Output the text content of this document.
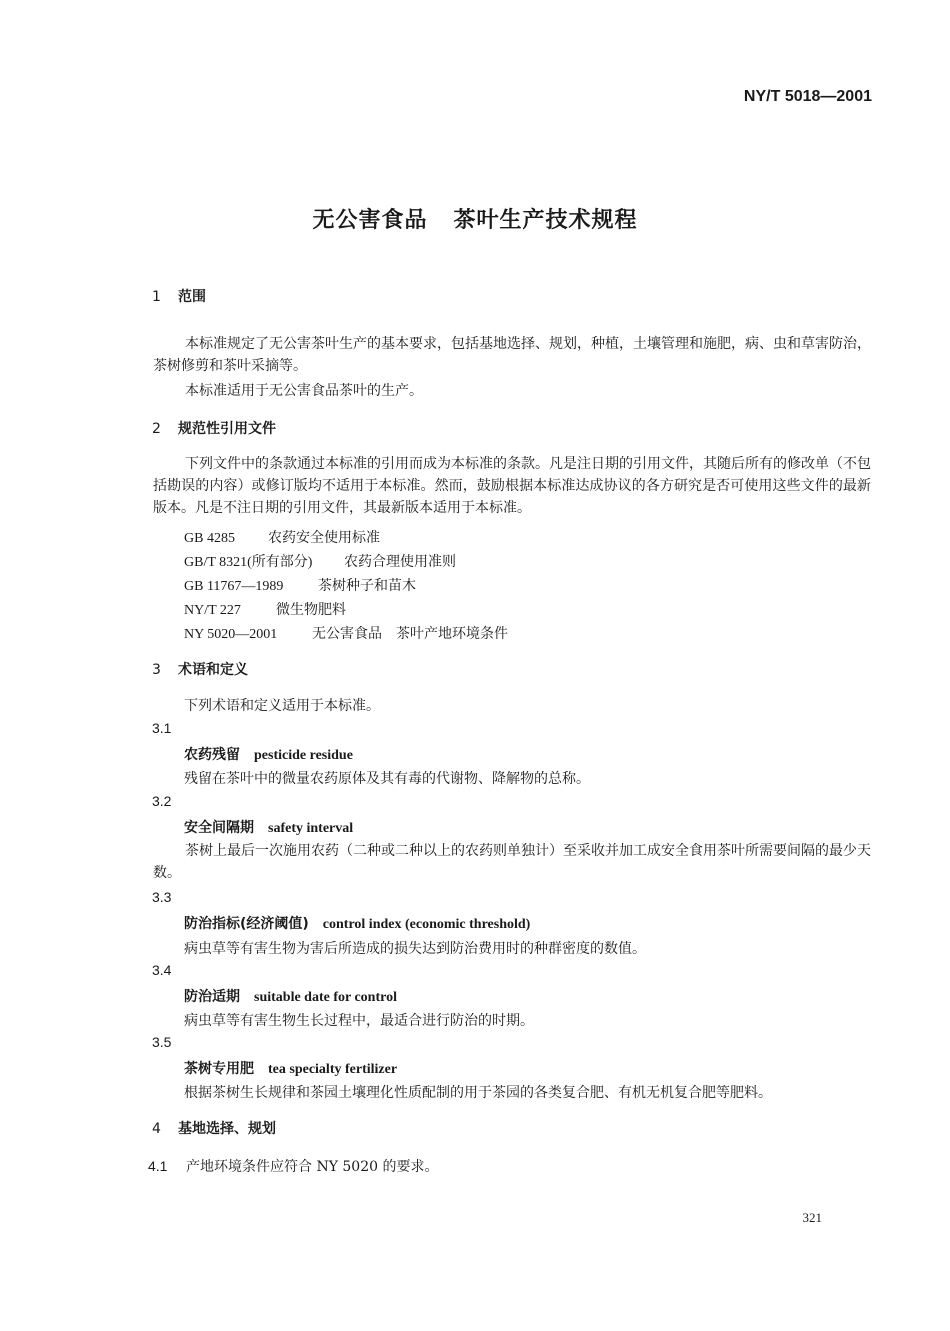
NY/T 5018—2001
无公害食品 茶叶生产技术规程
1 范围
本标准规定了无公害茶叶生产的基本要求，包括基地选择、规划，种植，土壤管理和施肥，病、虫和草害防治，茶树修剪和茶叶采摘等。
本标准适用于无公害食品茶叶的生产。
2 规范性引用文件
下列文件中的条款通过本标准的引用而成为本标准的条款。凡是注日期的引用文件，其随后所有的修改单（不包括勘误的内容）或修订版均不适用于本标准。然而，鼓励根据本标准达成协议的各方研究是否可使用这些文件的最新版本。凡是不注日期的引用文件，其最新版本适用于本标准。
GB 4285 农药安全使用标准
GB/T 8321(所有部分) 农药合理使用准则
GB 11767—1989 茶树种子和苗木
NY/T 227	微生物肥料
NY 5020—2001 无公害食品　茶叶产地环境条件
3 术语和定义
下列术语和定义适用于本标准。
3.1
农药残留 pesticide residue
残留在茶叶中的微量农药原体及其有毒的代谢物、降解物的总称。
3.2
安全间隔期 safety interval
茶树上最后一次施用农药（二种或二种以上的农药则单独计）至采收并加工成安全食用茶叶所需要间隔的最少天数。
3.3
防治指标(经济阈值) control index (economic threshold)
病虫草等有害生物为害后所造成的损失达到防治费用时的种群密度的数值。
3.4
防治适期 suitable date for control
病虫草等有害生物生长过程中，最适合进行防治的时期。
3.5
茶树专用肥 tea specialty fertilizer
根据茶树生长规律和茶园土壤理化性质配制的用于茶园的各类复合肥、有机无机复合肥等肥料。
4 基地选择、规划
4.1 产地环境条件应符合 NY 5020 的要求。
321
